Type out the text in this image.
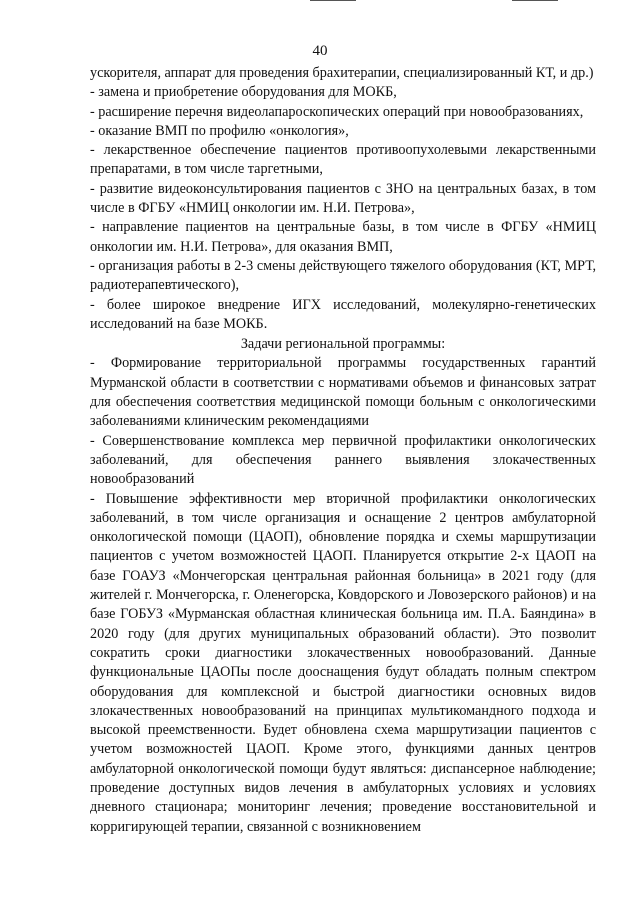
40

ускорителя, аппарат для проведения брахитерапии, специализированный КТ, и др.)

- замена и приобретение оборудования для МОКБ,

- расширение перечня видеолапароскопических операций при новообразованиях,

- оказание ВМП по профилю «онкология»,

- лекарственное обеспечение пациентов противоопухолевыми лекарственными препаратами, в том числе таргетными,

- развитие видеоконсультирования пациентов с ЗНО на центральных базах, в том числе в ФГБУ «НМИЦ онкологии им. Н.И. Петрова»,

- направление пациентов на центральные базы, в том числе в ФГБУ «НМИЦ онкологии им. Н.И. Петрова», для оказания ВМП,

- организация работы в 2-3 смены действующего тяжелого оборудования (КТ, МРТ, радиотерапевтического),

- более широкое внедрение ИГХ исследований, молекулярно-генетических исследований на базе МОКБ.

Задачи региональной программы:

- Формирование территориальной программы государственных гарантий Мурманской области в соответствии с нормативами объемов и финансовых затрат для обеспечения соответствия медицинской помощи больным с онкологическими заболеваниями клиническим рекомендациями

- Совершенствование комплекса мер первичной профилактики онкологических заболеваний, для обеспечения раннего выявления злокачественных новообразований

- Повышение эффективности мер вторичной профилактики онкологических заболеваний, в том числе организация и оснащение 2 центров амбулаторной онкологической помощи (ЦАОП), обновление порядка и схемы маршрутизации пациентов с учетом возможностей ЦАОП. Планируется открытие 2-х ЦАОП на базе ГОАУЗ «Мончегорская центральная районная больница» в 2021 году (для жителей г. Мончегорска, г. Оленегорска, Ковдорского и Ловозерского районов) и на базе ГОБУЗ «Мурманская областная клиническая больница им. П.А. Баяндина» в 2020 году (для других муниципальных образований области). Это позволит сократить сроки диагностики злокачественных новообразований. Данные функциональные ЦАОПы после дооснащения будут обладать полным спектром оборудования для комплексной и быстрой диагностики основных видов злокачественных новообразований на принципах мультикомандного подхода и высокой преемственности. Будет обновлена схема маршрутизации пациентов с учетом возможностей ЦАОП. Кроме этого, функциями данных центров амбулаторной онкологической помощи будут являться: диспансерное наблюдение; проведение доступных видов лечения в амбулаторных условиях и условиях дневного стационара; мониторинг лечения; проведение восстановительной и корригирующей терапии, связанной с возникновением
